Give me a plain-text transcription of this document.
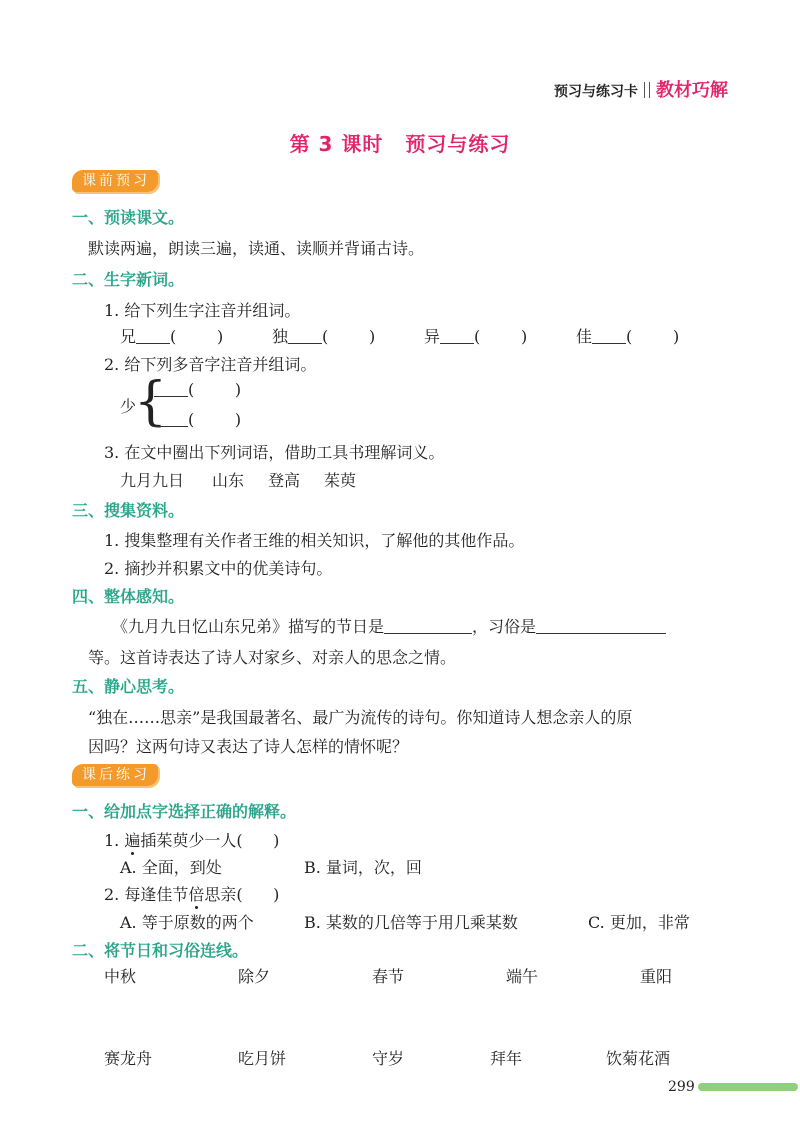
预习与练习卡 教材巧解
第 3 课时 预习与练习
课前预习
一、预读课文。
默读两遍，朗读三遍，读通、读顺并背诵古诗。
二、生字新词。
1. 给下列生字注音并组词。
兄 (        )	独 (        )	异 (        )	佳 (        )
2. 给下列多音字注音并组词。
少
{	(        )
(        )
3. 在文中圈出下列词语，借助工具书理解词义。
九月九日 山东 登高 茱萸
三、搜集资料。
1. 搜集整理有关作者王维的相关知识，了解他的其他作品。
2. 摘抄并积累文中的优美诗句。
四、整体感知。
《九月九日忆山东兄弟》描写的节日是	，习俗是
等。这首诗表达了诗人对家乡、对亲人的思念之情。
五、静心思考。
“独在……思亲”是我国最著名、最广为流传的诗句。你知道诗人想念亲人的原
因吗？这两句诗又表达了诗人怎样的情怀呢？
课后练习
一、给加点字选择正确的解释。
1. 遍插茱萸少一人( )
A. 全面，到处	B. 量词，次，回
2. 每逢佳节倍思亲( )
A. 等于原数的两个	B. 某数的几倍等于用几乘某数	C. 更加，非常
二、将节日和习俗连线。
中秋	除夕	春节	端午	重阳
赛龙舟	吃月饼	守岁	拜年	饮菊花酒
299
